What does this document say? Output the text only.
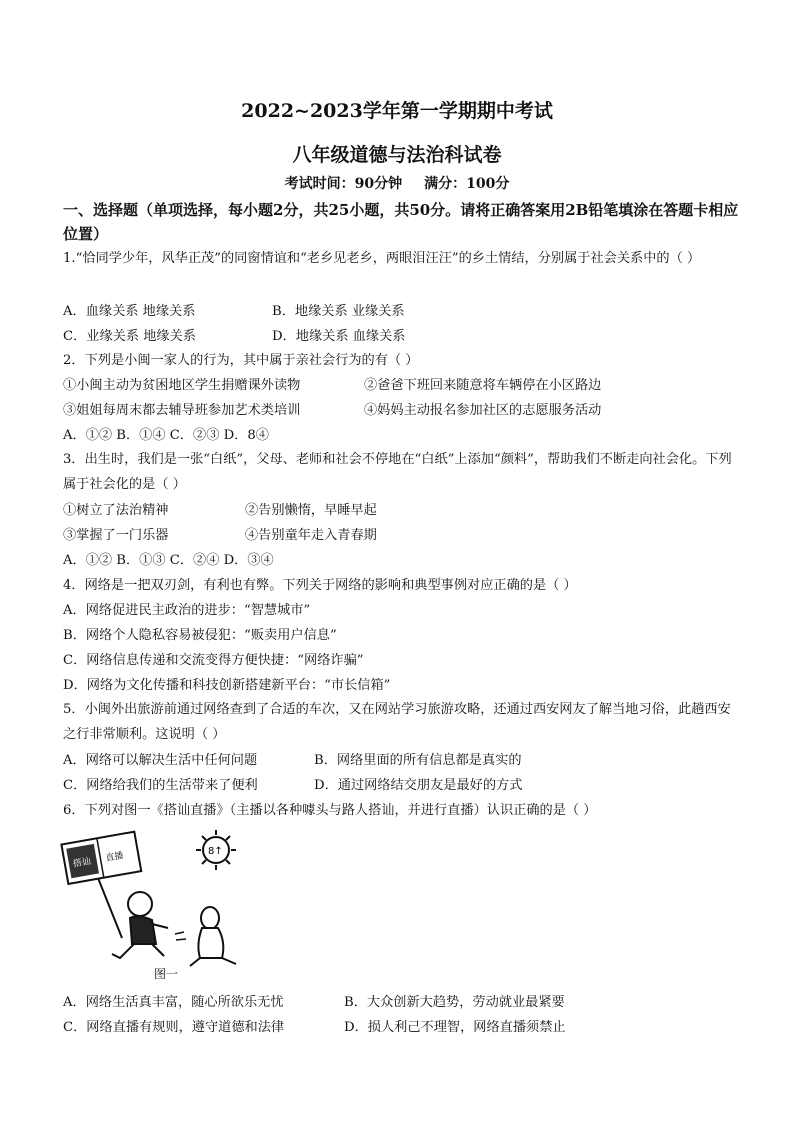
2022~2023学年第一学期期中考试
八年级道德与法治科试卷
考试时间：90分钟 满分：100分
一、选择题（单项选择，每小题2分，共25小题，共50分。请将正确答案用2B铅笔填涂在答题卡相应位置）
1.“恰同学少年，风华正茂”的同窗情谊和“老乡见老乡，两眼泪汪汪”的乡土情结，分别属于社会关系中的（ ）
A．血缘关系 地缘关系	B．地缘关系 业缘关系
C．业缘关系 地缘关系	D．地缘关系 血缘关系
2．下列是小闽一家人的行为，其中属于亲社会行为的有（ ）
①小闽主动为贫困地区学生捐赠课外读物	②爸爸下班回来随意将车辆停在小区路边
③姐姐每周末都去辅导班参加艺术类培训	④妈妈主动报名参加社区的志愿服务活动
A．①② B．①④ C．②③ D．8④
3．出生时，我们是一张“白纸”，父母、老师和社会不停地在“白纸”上添加“颜料”，帮助我们不断走向社会化。下列属于社会化的是（ ）
①树立了法治精神	②告别懒惰，早睡早起
③掌握了一门乐器	④告别童年走入青春期
A．①② B．①③ C．②④ D．③④
4．网络是一把双刃剑，有利也有弊。下列关于网络的影响和典型事例对应正确的是（ ）
A．网络促进民主政治的进步：“智慧城市”
B．网络个人隐私容易被侵犯：“贩卖用户信息”
C．网络信息传递和交流变得方便快捷：“网络诈骗”
D．网络为文化传播和科技创新搭建新平台：“市长信箱”
5．小闽外出旅游前通过网络查到了合适的车次，又在网站学习旅游攻略，还通过西安网友了解当地习俗，此趟西安之行非常顺利。这说明（ ）
A．网络可以解决生活中任何问题	B．网络里面的所有信息都是真实的
C．网络给我们的生活带来了便利	D．通过网络结交朋友是最好的方式
6．下列对图一《搭讪直播》（主播以各种噱头与路人搭讪，并进行直播）认识正确的是（ ）
搭讪 直播	8↑
图一
A．网络生活真丰富，随心所欲乐无忧	B．大众创新大趋势，劳动就业最紧要
C．网络直播有规则，遵守道德和法律	D．损人利己不理智，网络直播须禁止
